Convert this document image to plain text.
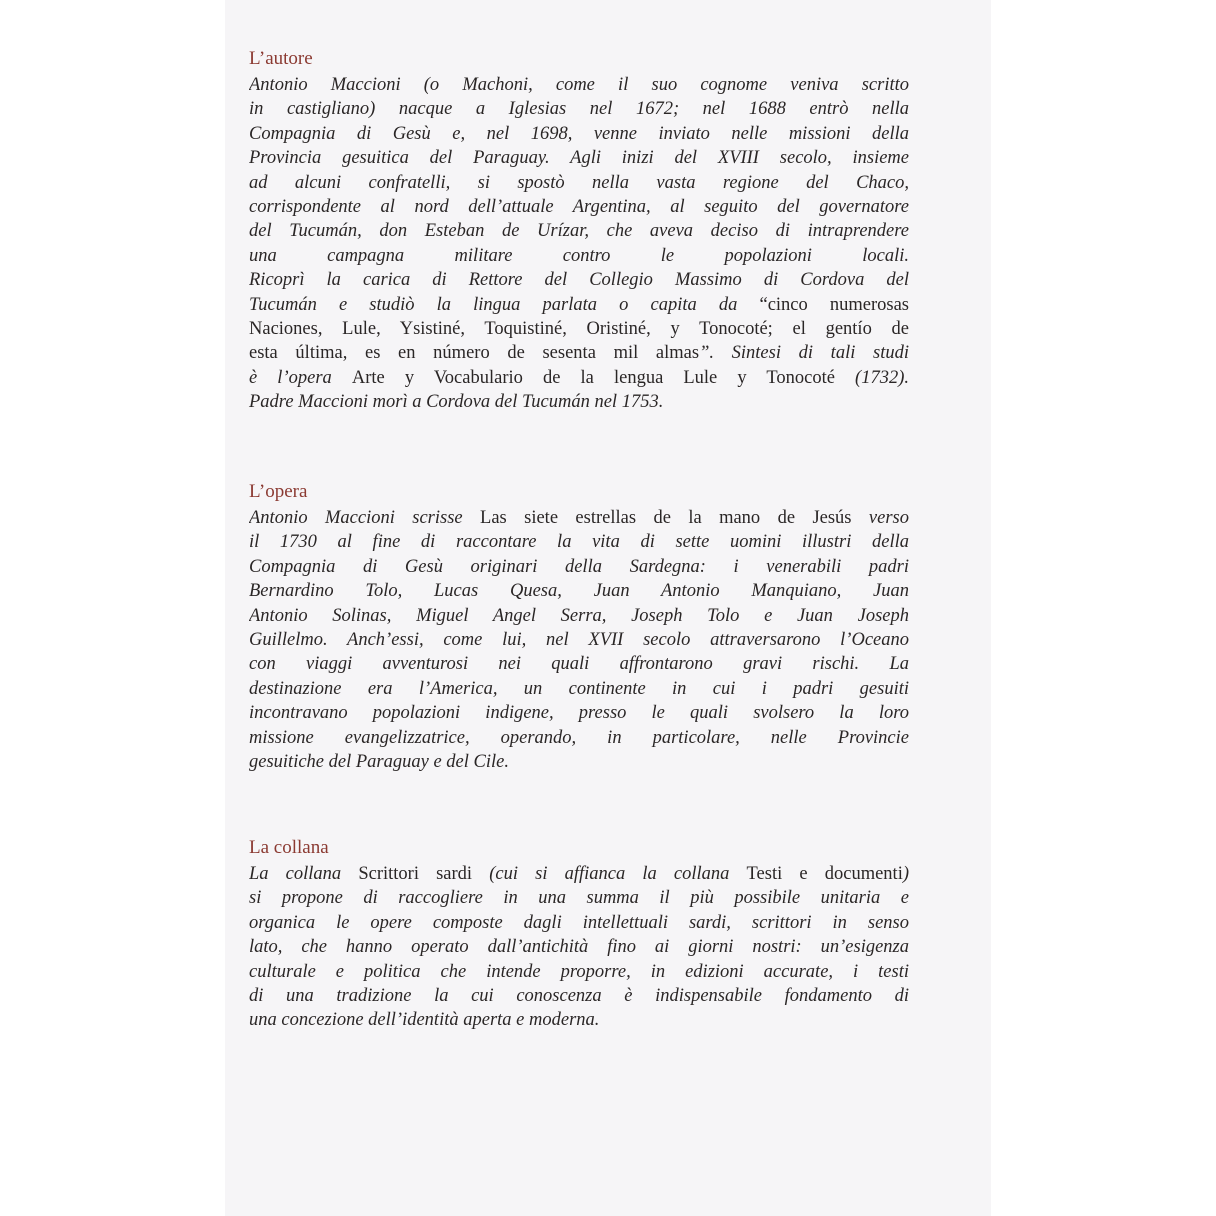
L’autore
Antonio Maccioni (o Machoni, come il suo cognome veniva scritto
in castigliano) nacque a Iglesias nel 1672; nel 1688 entrò nella
Compagnia di Gesù e, nel 1698, venne inviato nelle missioni della
Provincia gesuitica del Paraguay. Agli inizi del XVIII secolo, insieme
ad alcuni confratelli, si spostò nella vasta regione del Chaco,
corrispondente al nord dell’attuale Argentina, al seguito del governatore
del Tucumán, don Esteban de Urízar, che aveva deciso di intraprendere
una campagna militare contro le popolazioni locali.
Ricoprì la carica di Rettore del Collegio Massimo di Cordova del
Tucumán e studiò la lingua parlata o capita da “cinco numerosas
Naciones, Lule, Ysistiné, Toquistiné, Oristiné, y Tonocoté; el gentío de
esta última, es en número de sesenta mil almas”. Sintesi di tali studi
è l’opera Arte y Vocabulario de la lengua Lule y Tonocoté (1732).
Padre Maccioni morì a Cordova del Tucumán nel 1753.
L’opera
Antonio Maccioni scrisse Las siete estrellas de la mano de Jesús verso
il 1730 al fine di raccontare la vita di sette uomini illustri della
Compagnia di Gesù originari della Sardegna: i venerabili padri
Bernardino Tolo, Lucas Quesa, Juan Antonio Manquiano, Juan
Antonio Solinas, Miguel Angel Serra, Joseph Tolo e Juan Joseph
Guillelmo. Anch’essi, come lui, nel XVII secolo attraversarono l’Oceano
con viaggi avventurosi nei quali affrontarono gravi rischi. La
destinazione era l’America, un continente in cui i padri gesuiti
incontravano popolazioni indigene, presso le quali svolsero la loro
missione evangelizzatrice, operando, in particolare, nelle Provincie
gesuitiche del Paraguay e del Cile.
La collana
La collana Scrittori sardi (cui si affianca la collana Testi e documenti)
si propone di raccogliere in una summa il più possibile unitaria e
organica le opere composte dagli intellettuali sardi, scrittori in senso
lato, che hanno operato dall’antichità fino ai giorni nostri: un’esigenza
culturale e politica che intende proporre, in edizioni accurate, i testi
di una tradizione la cui conoscenza è indispensabile fondamento di
una concezione dell’identità aperta e moderna.
